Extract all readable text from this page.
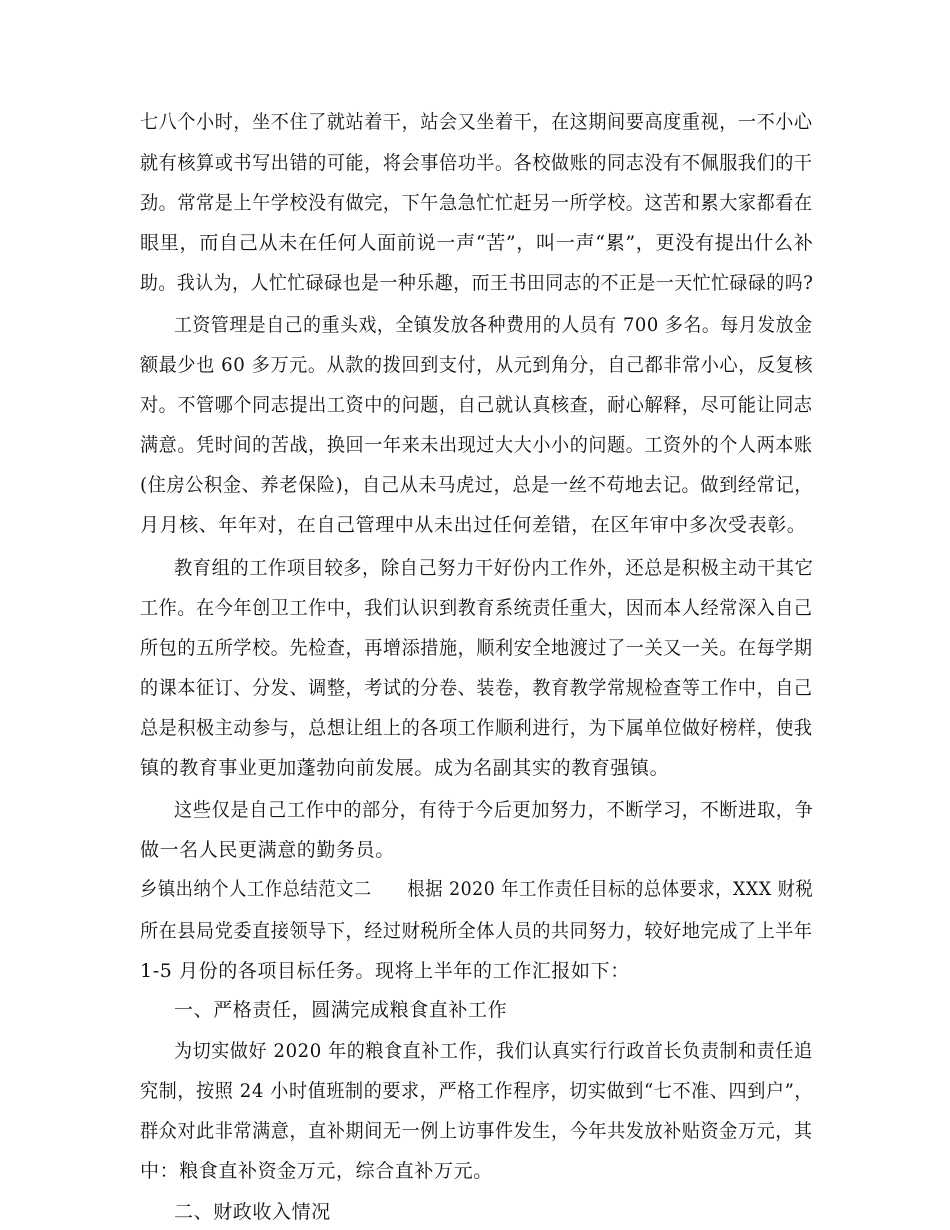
七八个小时，坐不住了就站着干，站会又坐着干，在这期间要高度重视，一不小心
就有核算或书写出错的可能，将会事倍功半。各校做账的同志没有不佩服我们的干
劲。常常是上午学校没有做完，下午急急忙忙赶另一所学校。这苦和累大家都看在
眼里，而自己从未在任何人面前说一声“苦”，叫一声“累”，更没有提出什么补
助。我认为，人忙忙碌碌也是一种乐趣，而王书田同志的不正是一天忙忙碌碌的吗?
工资管理是自己的重头戏，全镇发放各种费用的人员有 700 多名。每月发放金
额最少也 60 多万元。从款的拨回到支付，从元到角分，自己都非常小心，反复核
对。不管哪个同志提出工资中的问题，自己就认真核查，耐心解释，尽可能让同志
满意。凭时间的苦战，换回一年来未出现过大大小小的问题。工资外的个人两本账
(住房公积金、养老保险)，自己从未马虎过，总是一丝不苟地去记。做到经常记，
月月核、年年对，在自己管理中从未出过任何差错，在区年审中多次受表彰。
教育组的工作项目较多，除自己努力干好份内工作外，还总是积极主动干其它
工作。在今年创卫工作中，我们认识到教育系统责任重大，因而本人经常深入自己
所包的五所学校。先检查，再增添措施，顺利安全地渡过了一关又一关。在每学期
的课本征订、分发、调整，考试的分卷、装卷，教育教学常规检查等工作中，自己
总是积极主动参与，总想让组上的各项工作顺利进行，为下属单位做好榜样，使我
镇的教育事业更加蓬勃向前发展。成为名副其实的教育强镇。
这些仅是自己工作中的部分，有待于今后更加努力，不断学习，不断进取，争
做一名人民更满意的勤务员。
乡镇出纳个人工作总结范文二　　根据 2020 年工作责任目标的总体要求，XXX 财税
所在县局党委直接领导下，经过财税所全体人员的共同努力，较好地完成了上半年
1-5 月份的各项目标任务。现将上半年的工作汇报如下：
一、严格责任，圆满完成粮食直补工作
为切实做好 2020 年的粮食直补工作，我们认真实行行政首长负责制和责任追
究制，按照 24 小时值班制的要求，严格工作程序，切实做到“七不准、四到户”，
群众对此非常满意，直补期间无一例上访事件发生，今年共发放补贴资金万元，其
中：粮食直补资金万元，综合直补万元。
二、财政收入情况
